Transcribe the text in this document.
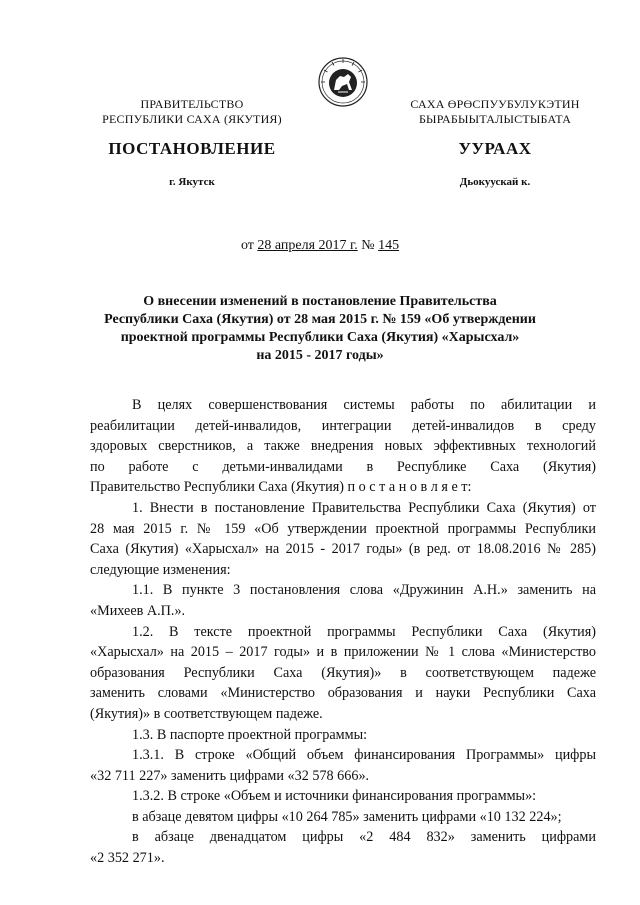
ПРАВИТЕЛЬСТВО
РЕСПУБЛИКИ САХА (ЯКУТИЯ)
САХА ӨРӨСПУУБУЛУКЭТИН
БЫРАБЫЫТАЛЫСТЫБАТА
ПОСТАНОВЛЕНИЕ	УУРААХ
г. Якутск	Дьокуускай к.
от 28 апреля 2017 г. № 145
О внесении изменений в постановление Правительства
Республики Саха (Якутия) от 28 мая 2015 г. № 159 «Об утверждении
проектной программы Республики Саха (Якутия) «Харысхал»
на 2015 - 2017 годы»
В целях совершенствования системы работы по абилитации и
реабилитации детей-инвалидов, интеграции детей-инвалидов в среду
здоровых сверстников, а также внедрения новых эффективных технологий
по работе с детьми-инвалидами в Республике Саха (Якутия)
Правительство Республики Саха (Якутия) п о с т а н о в л я е т:
1. Внести в постановление Правительства Республики Саха (Якутия) от
28 мая 2015 г. № 159 «Об утверждении проектной программы Республики
Саха (Якутия) «Харысхал» на 2015 - 2017 годы» (в ред. от 18.08.2016 № 285)
следующие изменения:
1.1. В пункте 3 постановления слова «Дружинин А.Н.» заменить на
«Михеев А.П.».
1.2. В тексте проектной программы Республики Саха (Якутия)
«Харысхал» на 2015 – 2017 годы» и в приложении № 1 слова «Министерство
образования Республики Саха (Якутия)» в соответствующем падеже
заменить словами «Министерство образования и науки Республики Саха
(Якутия)» в соответствующем падеже.
1.3. В паспорте проектной программы:
1.3.1. В строке «Общий объем финансирования Программы» цифры
«32 711 227» заменить цифрами «32 578 666».
1.3.2. В строке «Объем и источники финансирования программы»:
в абзаце девятом цифры «10 264 785» заменить цифрами «10 132 224»;
в абзаце двенадцатом цифры «2 484 832» заменить цифрами
«2 352 271».
